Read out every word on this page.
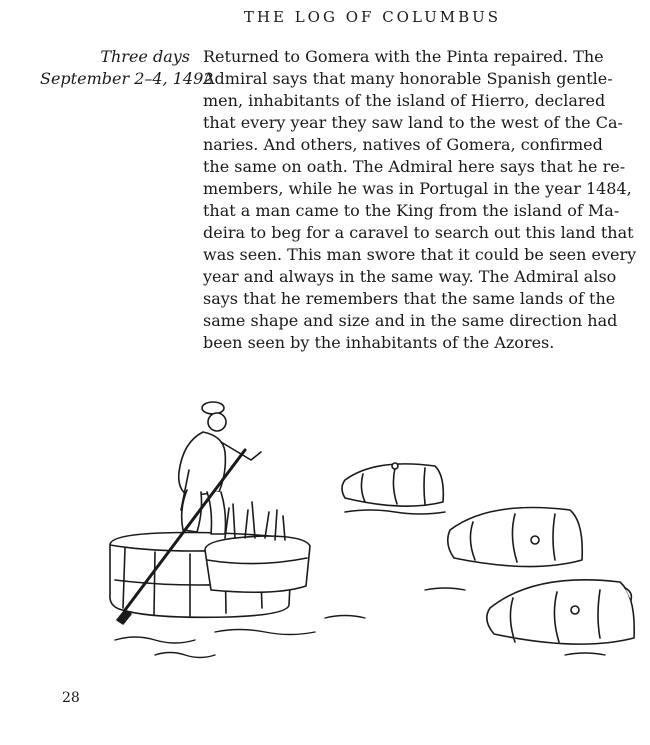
THE LOG OF COLUMBUS
Three days
September 2–4, 1492
Returned to Gomera with the Pinta repaired. The
Admiral says that many honorable Spanish gentle-
men, inhabitants of the island of Hierro, declared
that every year they saw land to the west of the Ca-
naries. And others, natives of Gomera, confirmed
the same on oath. The Admiral here says that he re-
members, while he was in Portugal in the year 1484,
that a man came to the King from the island of Ma-
deira to beg for a caravel to search out this land that
was seen. This man swore that it could be seen every
year and always in the same way. The Admiral also
says that he remembers that the same lands of the
same shape and size and in the same direction had
been seen by the inhabitants of the Azores.
28
